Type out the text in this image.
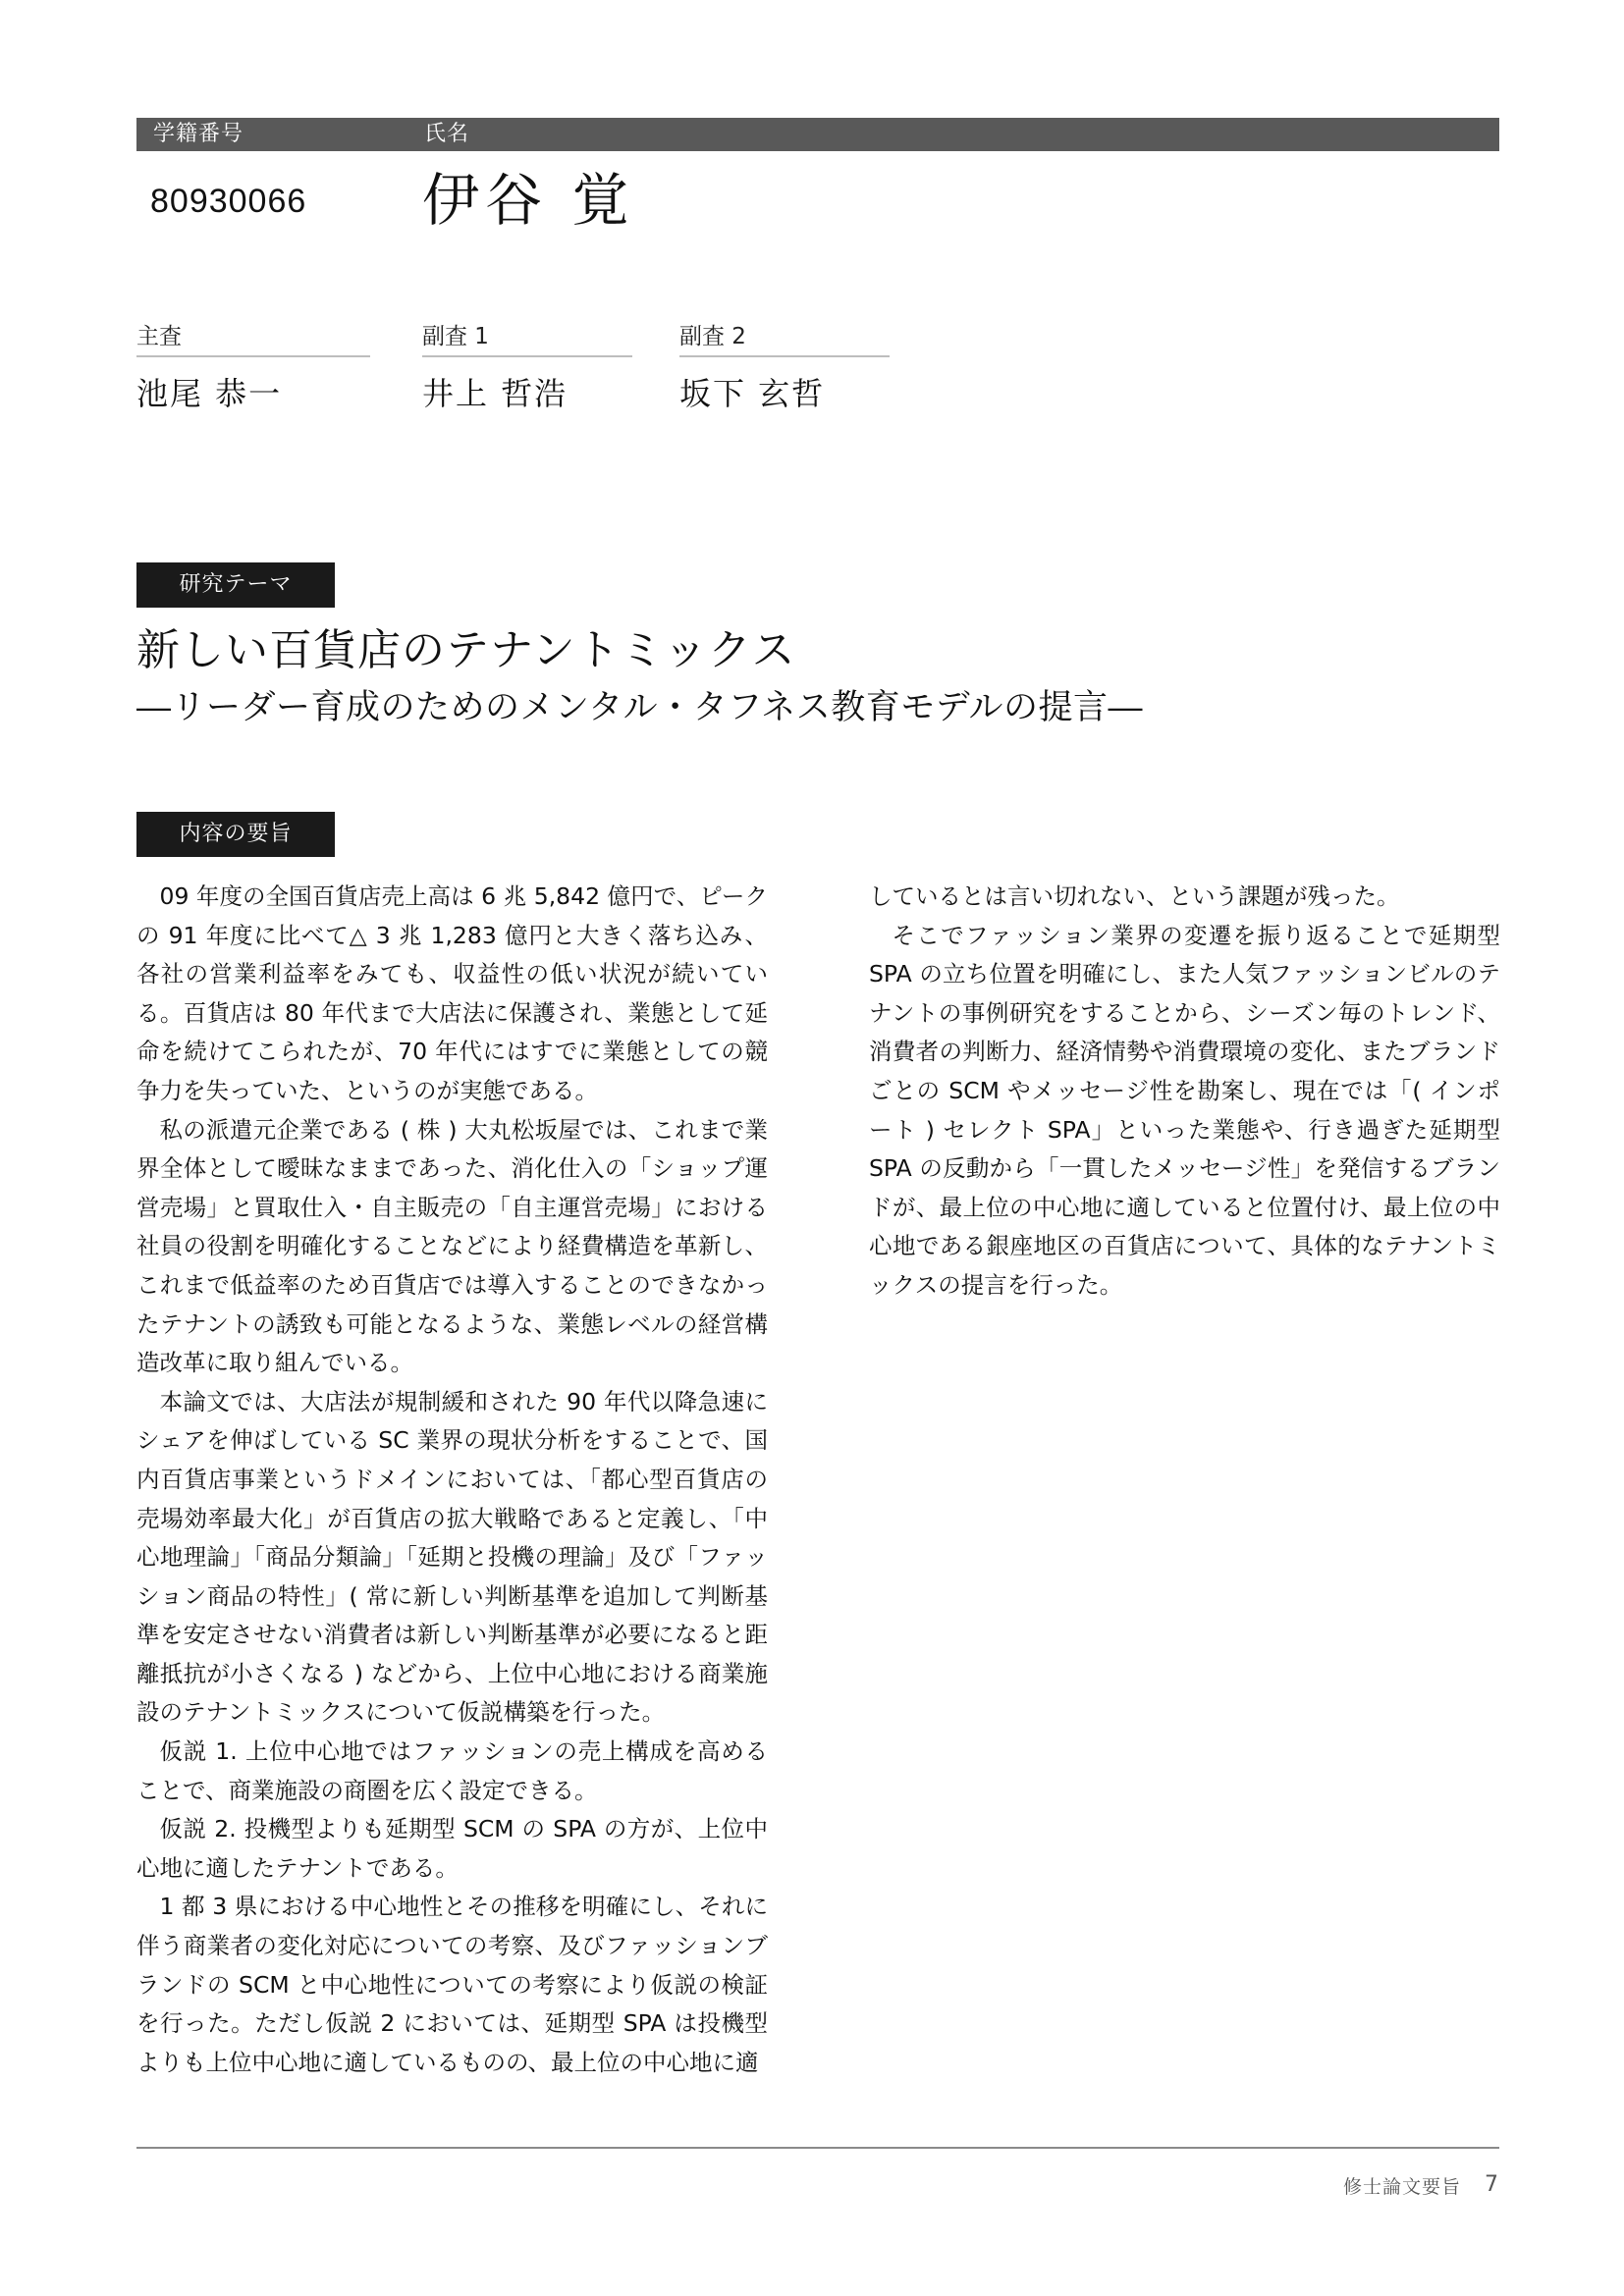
学籍番号	氏名
80930066 伊谷 覚
主査
池尾 恭一
副査 1
井上 哲浩
副査 2
坂下 玄哲
研究テーマ
新しい百貨店のテナントミックス
―リーダー育成のためのメンタル・タフネス教育モデルの提言―
内容の要旨

09 年度の全国百貨店売上高は 6 兆 5,842 億円で、ピークの 91 年度に比べて△ 3 兆 1,283 億円と大きく落ち込み、各社の営業利益率をみても、収益性の低い状況が続いている。百貨店は 80 年代まで大店法に保護され、業態として延命を続けてこられたが、70 年代にはすでに業態としての競争力を失っていた、というのが実態である。

私の派遣元企業である ( 株 ) 大丸松坂屋では、これまで業界全体として曖昧なままであった、消化仕入の「ショップ運営売場」と買取仕入・自主販売の「自主運営売場」における社員の役割を明確化することなどにより経費構造を革新し、これまで低益率のため百貨店では導入することのできなかったテナントの誘致も可能となるような、業態レベルの経営構造改革に取り組んでいる。

本論文では、大店法が規制緩和された 90 年代以降急速にシェアを伸ばしている SC 業界の現状分析をすることで、国内百貨店事業というドメインにおいては、「都心型百貨店の売場効率最大化」が百貨店の拡大戦略であると定義し、「中心地理論」「商品分類論」「延期と投機の理論」及び「ファッション商品の特性」( 常に新しい判断基準を追加して判断基準を安定させない消費者は新しい判断基準が必要になると距離抵抗が小さくなる ) などから、上位中心地における商業施設のテナントミックスについて仮説構築を行った。

仮説 1. 上位中心地ではファッションの売上構成を高めることで、商業施設の商圏を広く設定できる。

仮説 2. 投機型よりも延期型 SCM の SPA の方が、上位中心地に適したテナントである。

1 都 3 県における中心地性とその推移を明確にし、それに伴う商業者の変化対応についての考察、及びファッションブランドの SCM と中心地性についての考察により仮説の検証を行った。ただし仮説 2 においては、延期型 SPA は投機型よりも上位中心地に適しているものの、最上位の中心地に適

しているとは言い切れない、という課題が残った。

そこでファッション業界の変遷を振り返ることで延期型 SPA の立ち位置を明確にし、また人気ファッションビルのテナントの事例研究をすることから、シーズン毎のトレンド、消費者の判断力、経済情勢や消費環境の変化、またブランドごとの SCM やメッセージ性を勘案し、現在では「( インポート ) セレクト SPA」といった業態や、行き過ぎた延期型 SPA の反動から「一貫したメッセージ性」を発信するブランドが、最上位の中心地に適していると位置付け、最上位の中心地である銀座地区の百貨店について、具体的なテナントミックスの提言を行った。

修士論文要旨 7
